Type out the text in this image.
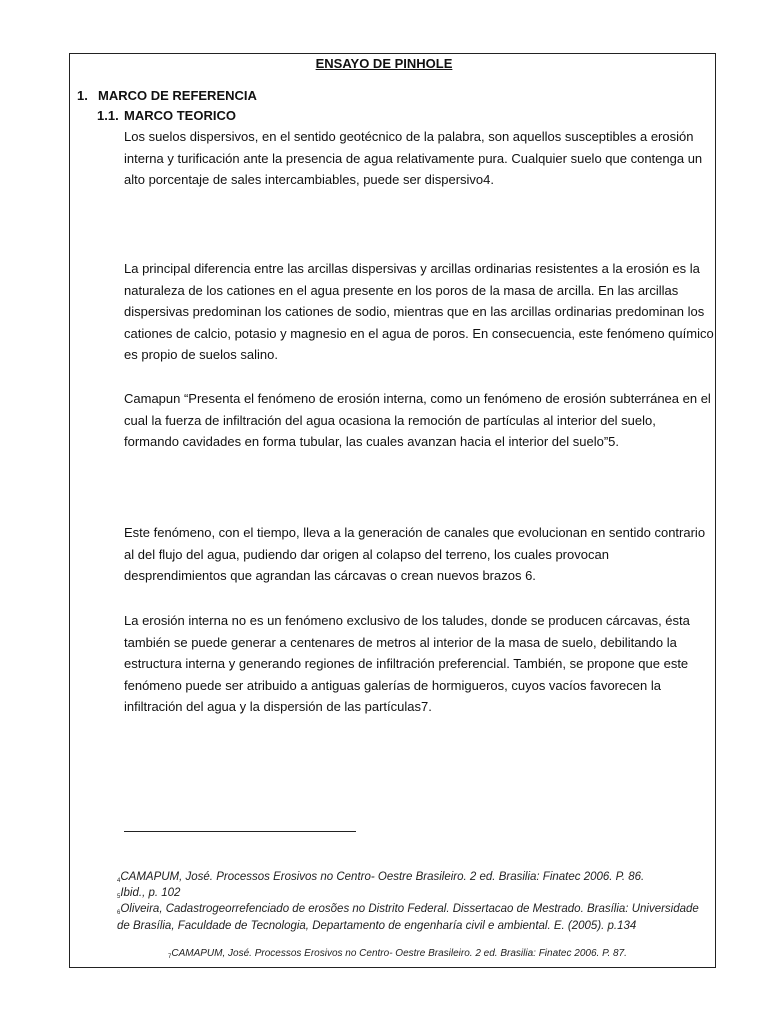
ENSAYO DE PINHOLE
1. MARCO DE REFERENCIA
1.1. MARCO TEORICO

Los suelos dispersivos, en el sentido geotécnico de la palabra, son aquellos susceptibles a erosión interna y turificación ante la presencia de agua relativamente pura. Cualquier suelo que contenga un alto porcentaje de sales intercambiables, puede ser dispersivo4.

La principal diferencia entre las arcillas dispersivas y arcillas ordinarias resistentes a la erosión es la naturaleza de los cationes en el agua presente en los poros de la masa de arcilla. En las arcillas dispersivas predominan los cationes de sodio, mientras que en las arcillas ordinarias predominan los cationes de calcio, potasio y magnesio en el agua de poros. En consecuencia, este fenómeno químico es propio de suelos salino.

Camapun “Presenta el fenómeno de erosión interna, como un fenómeno de erosión subterránea en el cual la fuerza de infiltración del agua ocasiona la remoción de partículas al interior del suelo, formando cavidades en forma tubular, las cuales avanzan hacia el interior del suelo”5.

Este fenómeno, con el tiempo, lleva a la generación de canales que evolucionan en sentido contrario al del flujo del agua, pudiendo dar origen al colapso del terreno, los cuales provocan desprendimientos que agrandan las cárcavas o crean nuevos brazos 6.

La erosión interna no es un fenómeno exclusivo de los taludes, donde se producen cárcavas, ésta también se puede generar a centenares de metros al interior de la masa de suelo, debilitando la estructura interna y generando regiones de infiltración preferencial. También, se propone que este fenómeno puede ser atribuido a antiguas galerías de hormigueros, cuyos vacíos favorecen la infiltración del agua y la dispersión de las partículas7.

$_4$CAMAPUM, José. Processos Erosivos no Centro- Oestre Brasileiro. 2 ed. Brasilia: Finatec 2006. P. 86.
$_5$Ibid., p. 102
$_6$Oliveira, Cadastrogeorrefenciado de erosões no Distrito Federal. Dissertacao de Mestrado. Brasília: Universidade de Brasília, Faculdade de Tecnologia, Departamento de engenharía civil e ambiental. E. (2005). p.134
$_7$CAMAPUM, José. Processos Erosivos no Centro- Oestre Brasileiro. 2 ed. Brasilia: Finatec 2006. P. 87.
